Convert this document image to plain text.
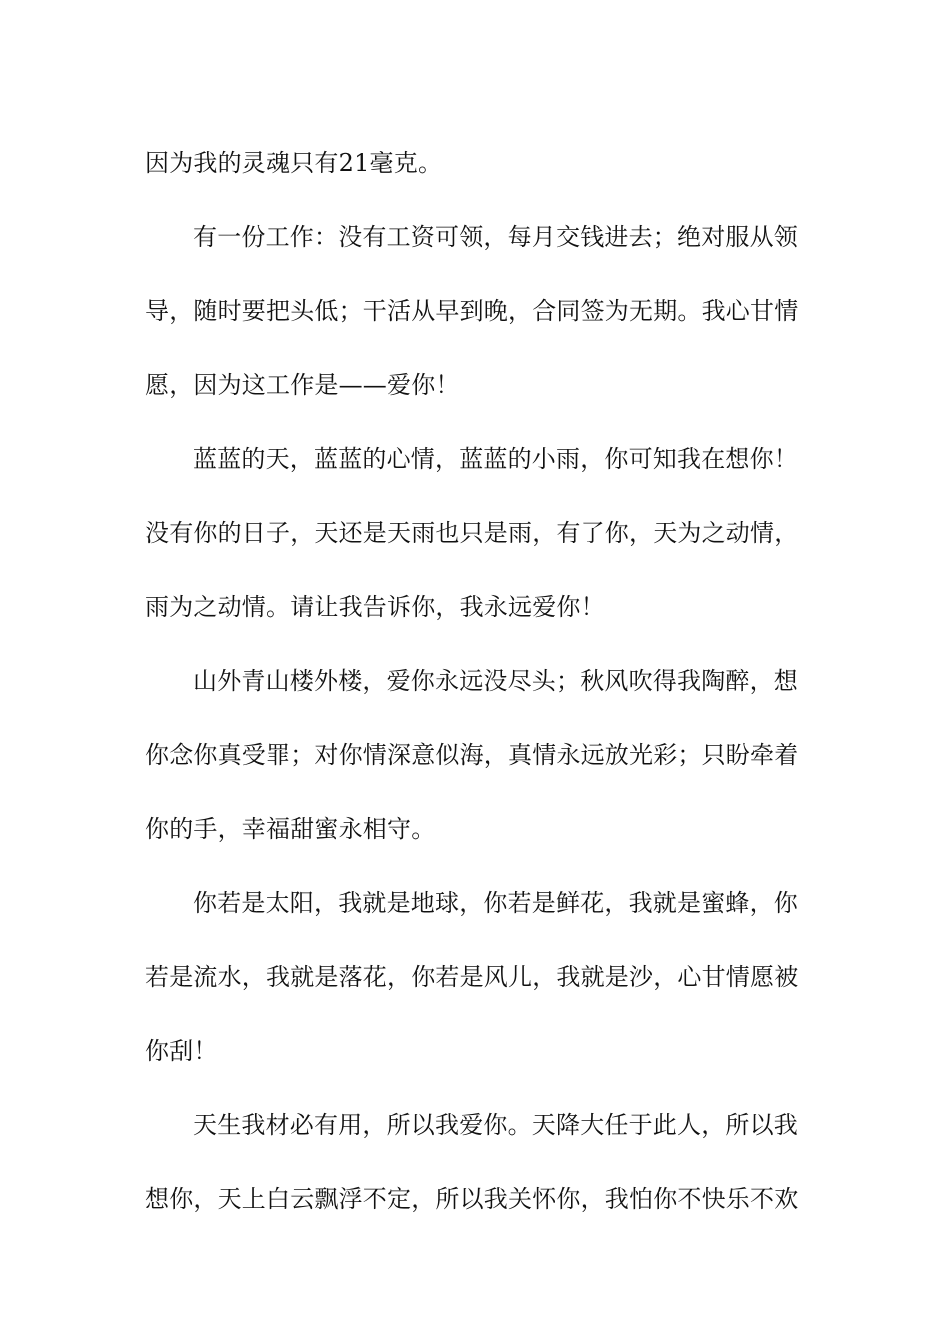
因为我的灵魂只有21毫克。
有一份工作：没有工资可领，每月交钱进去；绝对服从领
导，随时要把头低；干活从早到晚，合同签为无期。我心甘情
愿，因为这工作是——爱你！
蓝蓝的天，蓝蓝的心情，蓝蓝的小雨，你可知我在想你！
没有你的日子，天还是天雨也只是雨，有了你，天为之动情，
雨为之动情。请让我告诉你，我永远爱你！
山外青山楼外楼，爱你永远没尽头；秋风吹得我陶醉，想
你念你真受罪；对你情深意似海，真情永远放光彩；只盼牵着
你的手，幸福甜蜜永相守。
你若是太阳，我就是地球，你若是鲜花，我就是蜜蜂，你
若是流水，我就是落花，你若是风儿，我就是沙，心甘情愿被
你刮！
天生我材必有用，所以我爱你。天降大任于此人，所以我
想你，天上白云飘浮不定，所以我关怀你，我怕你不快乐不欢
